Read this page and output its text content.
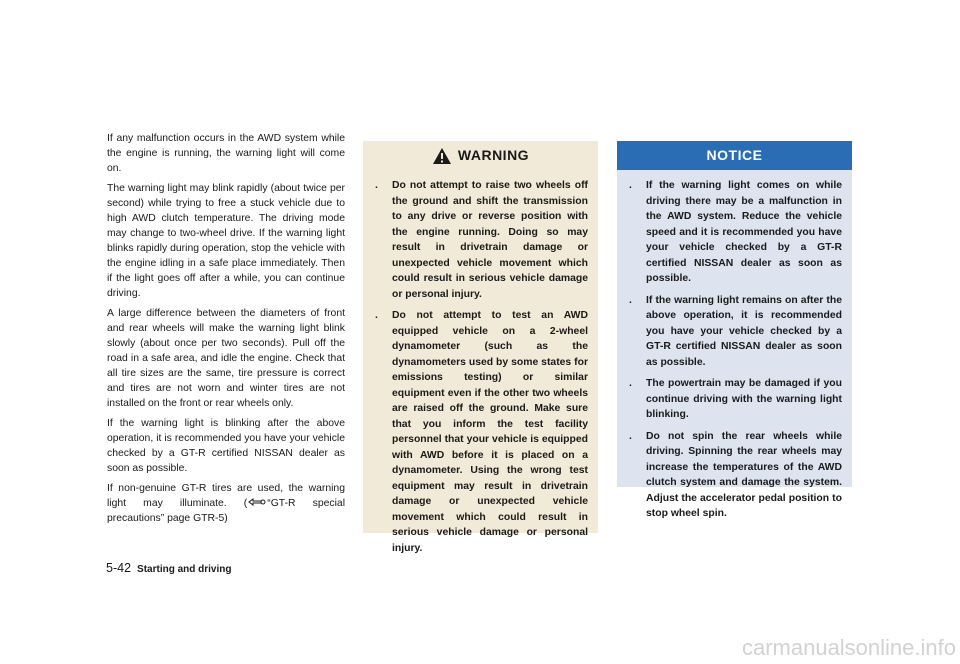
If any malfunction occurs in the AWD system while the engine is running, the warning light will come on.

The warning light may blink rapidly (about twice per second) while trying to free a stuck vehicle due to high AWD clutch temperature. The driving mode may change to two-wheel drive. If the warning light blinks rapidly during operation, stop the vehicle with the engine idling in a safe place immediately. Then if the light goes off after a while, you can continue driving.

A large difference between the diameters of front and rear wheels will make the warning light blink slowly (about once per two seconds). Pull off the road in a safe area, and idle the engine. Check that all tire sizes are the same, tire pressure is correct and tires are not worn and winter tires are not installed on the front or rear wheels only.

If the warning light is blinking after the above operation, it is recommended you have your vehicle checked by a GT-R certified NISSAN dealer as soon as possible.

If non-genuine GT-R tires are used, the warning light may illuminate. ( “GT-R special precautions” page GTR-5)

WARNING
. Do not attempt to raise two wheels off the ground and shift the transmission to any drive or reverse position with the engine running. Doing so may result in drivetrain damage or unexpected vehicle movement which could result in serious vehicle damage or personal injury.
. Do not attempt to test an AWD equipped vehicle on a 2-wheel dynamometer (such as the dynamometers used by some states for emissions testing) or similar equipment even if the other two wheels are raised off the ground. Make sure that you inform the test facility personnel that your vehicle is equipped with AWD before it is placed on a dynamometer. Using the wrong test equipment may result in drivetrain damage or unexpected vehicle movement which could result in serious vehicle damage or personal injury.
NOTICE
. If the warning light comes on while driving there may be a malfunction in the AWD system. Reduce the vehicle speed and it is recommended you have your vehicle checked by a GT-R certified NISSAN dealer as soon as possible.
. If the warning light remains on after the above operation, it is recommended you have your vehicle checked by a GT-R certified NISSAN dealer as soon as possible.
. The powertrain may be damaged if you continue driving with the warning light blinking.
. Do not spin the rear wheels while driving. Spinning the rear wheels may increase the temperatures of the AWD clutch system and damage the system. Adjust the accelerator pedal position to stop wheel spin.
5-42 Starting and driving
carmanualsonline.info
